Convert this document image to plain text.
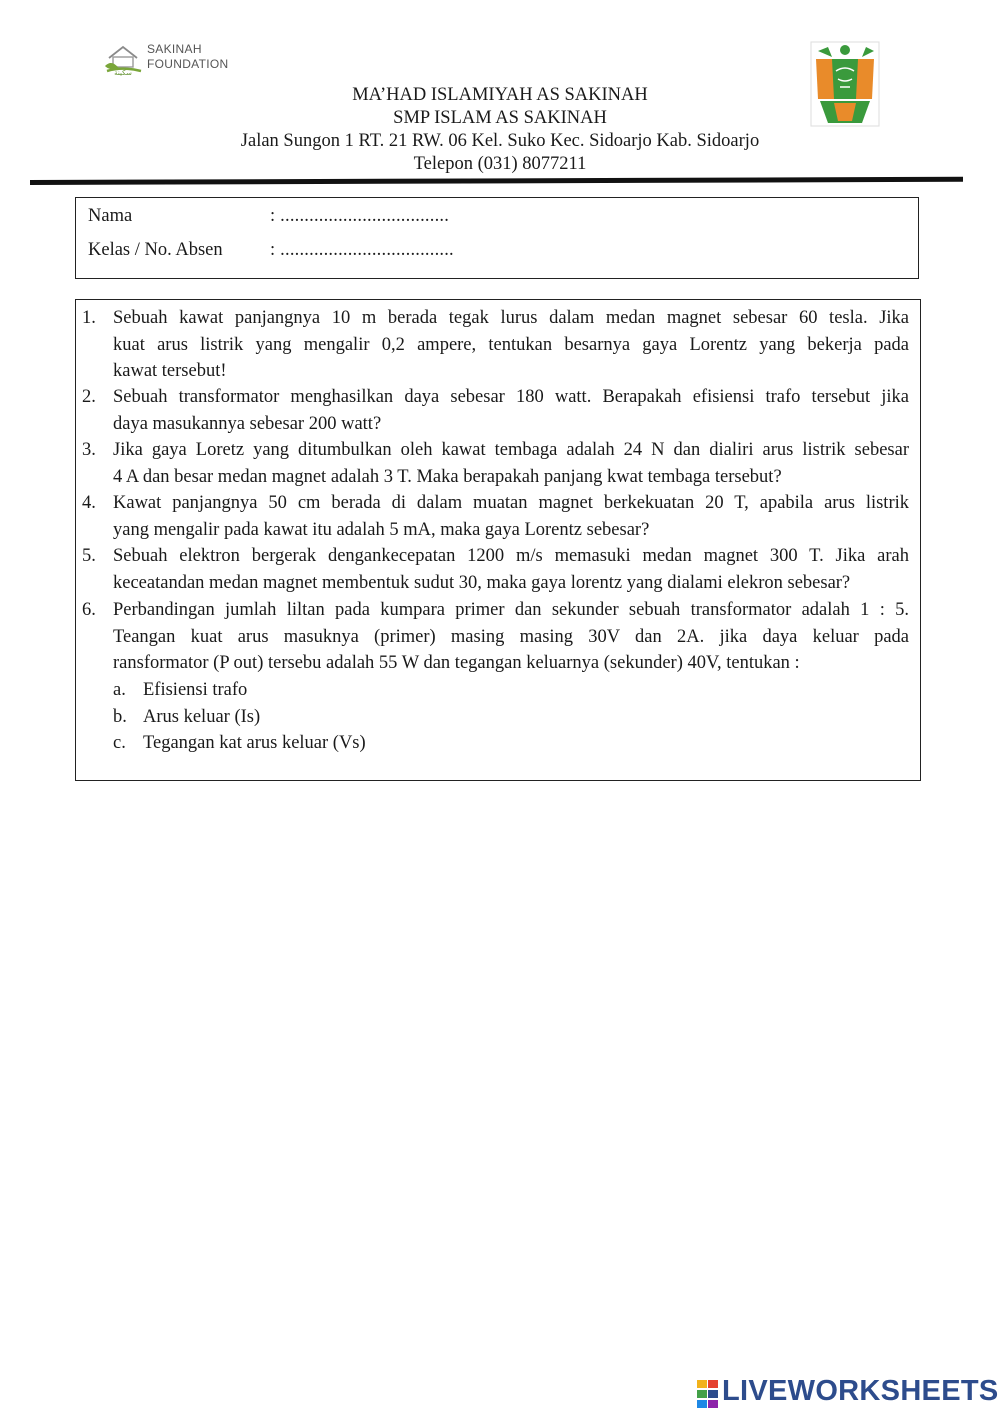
سكينة
SAKINAH
FOUNDATION
MA’HAD ISLAMIYAH AS SAKINAH
SMP ISLAM AS SAKINAH
Jalan Sungon 1 RT. 21 RW. 06 Kel. Suko Kec. Sidoarjo Kab. Sidoarjo
Telepon (031) 8077211
Nama	: ...................................
Kelas / No. Absen	: ....................................
1. Sebuah kawat panjangnya 10 m berada tegak lurus dalam medan magnet sebesar 60 tesla. Jika
kuat arus listrik yang mengalir 0,2 ampere, tentukan besarnya gaya Lorentz yang bekerja pada
kawat tersebut!
2. Sebuah transformator menghasilkan daya sebesar 180 watt. Berapakah efisiensi trafo tersebut jika
daya masukannya sebesar 200 watt?
3. Jika gaya Loretz yang ditumbulkan oleh kawat tembaga adalah 24 N dan dialiri arus listrik sebesar
4 A dan besar medan magnet adalah 3 T. Maka berapakah panjang kwat tembaga tersebut?
4. Kawat panjangnya 50 cm berada di dalam muatan magnet berkekuatan 20 T, apabila arus listrik
yang mengalir pada kawat itu adalah 5 mA, maka gaya Lorentz sebesar?
5. Sebuah elektron bergerak dengankecepatan 1200 m/s memasuki medan magnet 300 T. Jika arah
keceatandan medan magnet membentuk sudut 30, maka gaya lorentz yang dialami elekron sebesar?
6. Perbandingan jumlah liltan pada kumpara primer dan sekunder sebuah transformator adalah 1 : 5.
Teangan kuat arus masuknya (primer) masing masing 30V dan 2A. jika daya keluar pada
ransformator (P out) tersebu adalah 55 W dan tegangan keluarnya (sekunder) 40V, tentukan :
a. Efisiensi trafo
b. Arus keluar (Is)
c. Tegangan kat arus keluar (Vs)
LIVEWORKSHEETS
